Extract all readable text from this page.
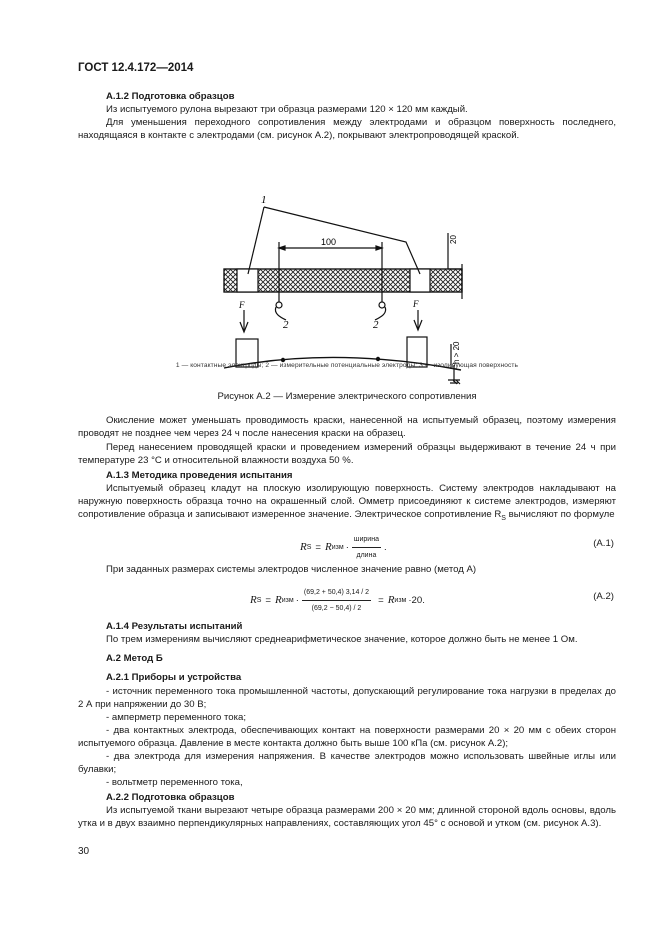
ГОСТ 12.4.172—2014

А.1.2 Подготовка образцов

Из испытуемого рулона вырезают три образца размерами 120 × 120 мм каждый.

Для уменьшения переходного сопротивления между электродами и образцом поверхность последнего, находящаяся в контакте с электродами (см. рисунок А.2), покрывают электропроводящей краской.

1
100	20
2	2
F	F
h > 20
1 — контактные электроды; 2 — измерительные потенциальные электроды; 3 — изолирующая поверхность
Рисунок А.2 — Измерение электрического сопротивления

Окисление может уменьшать проводимость краски, нанесенной на испытуемый образец, поэтому измерения проводят не позднее чем через 24 ч после нанесения краски на образец.

Перед нанесением проводящей краски и проведением измерений образцы выдерживают в течение 24 ч при температуре 23 °С и относительной влажности воздуха 50 %.

А.1.3 Методика проведения испытания

Испытуемый образец кладут на плоскую изолирующую поверхность. Систему электродов накладывают на наружную поверхность образца точно на окрашенный слой. Омметр присоединяют к системе электродов, измеряют сопротивление образца и записывают измеренное значение. Электрическое сопротивление $R_S$ вычисляют по формуле

R S = R изм · $\frac{\text{ширина}}{\text{длина}}$ .	(А.1)

При заданных размерах системы электродов численное значение равно (метод А)

R S = R изм · $\frac{(69,2 + 50,4) 3,14 / 2}{(69,2 - 50,4) / 2} = R$ изм ·20.	(А.2)

А.1.4 Результаты испытаний

По трем измерениям вычисляют среднеарифметическое значение, которое должно быть не менее 1 Ом.

А.2 Метод Б

А.2.1 Приборы и устройства

- источник переменного тока промышленной частоты, допускающий регулирование тока нагрузки в пределах до 2 А при напряжении до 30 В;

- амперметр переменного тока;

- два контактных электрода, обеспечивающих контакт на поверхности размерами 20 × 20 мм с обеих сторон испытуемого образца. Давление в месте контакта должно быть выше 100 кПа (см. рисунок А.2);

- два электрода для измерения напряжения. В качестве электродов можно использовать швейные иглы или булавки;

- вольтметр переменного тока,

А.2.2 Подготовка образцов

Из испытуемой ткани вырезают четыре образца размерами 200 × 20 мм; длинной стороной вдоль основы, вдоль утка и в двух взаимно перпендикулярных направлениях, составляющих угол 45° с основой и утком (см. рисунок А.3).

30
